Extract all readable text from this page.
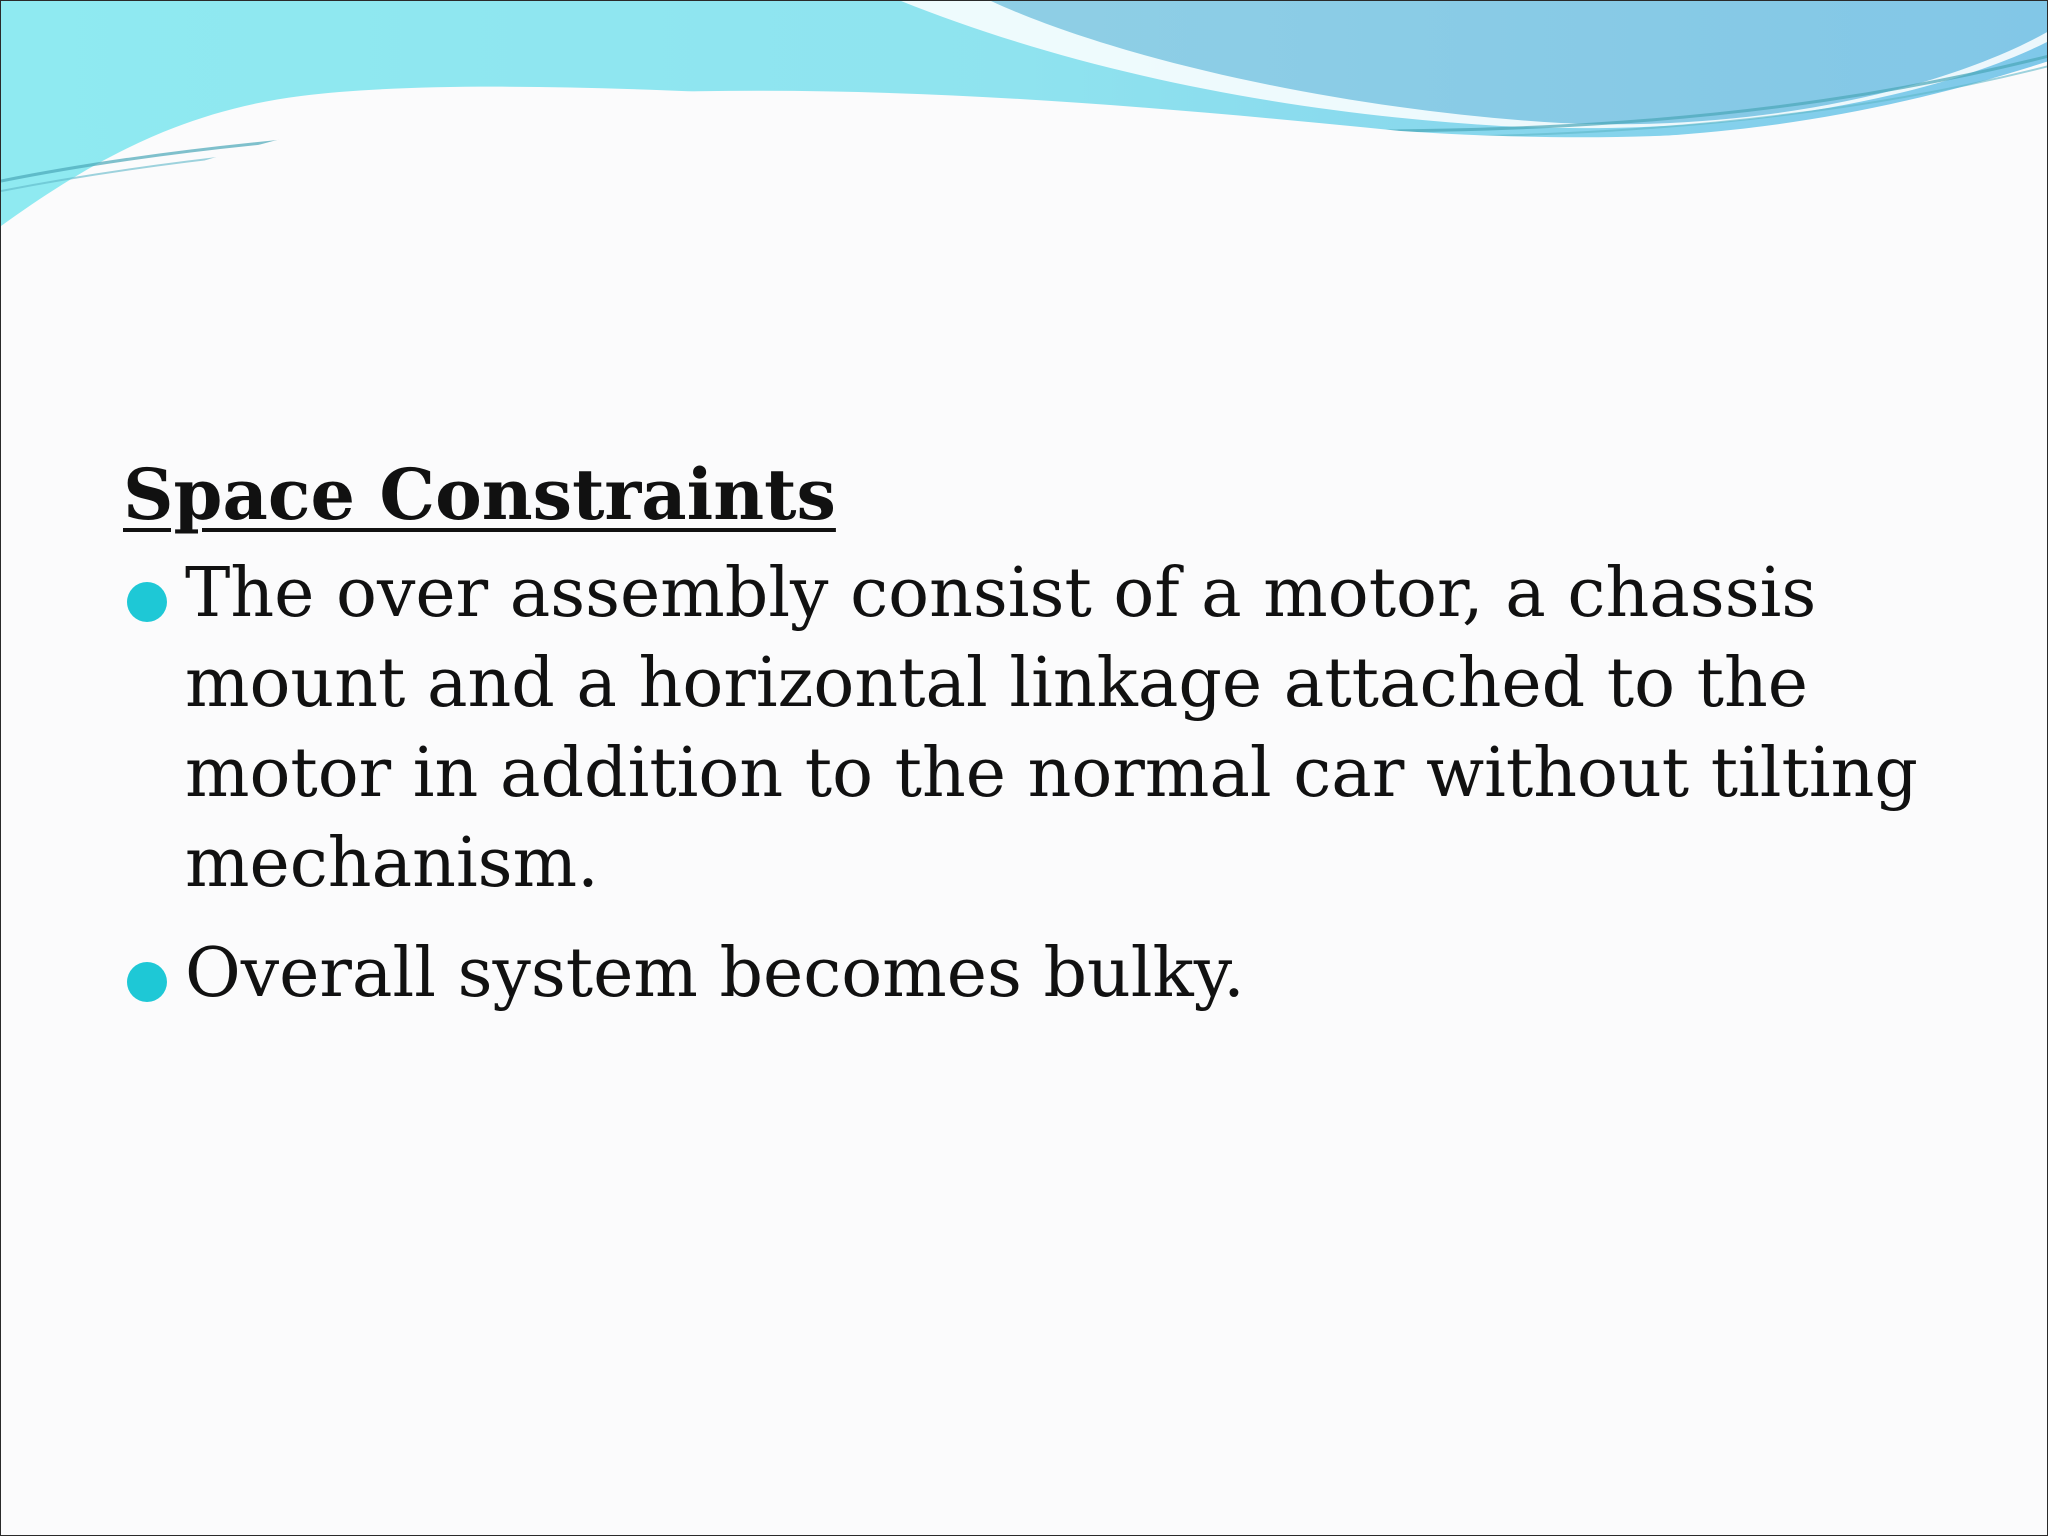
Space Constraints
The over assembly consist of a motor, a chassis mount and a horizontal linkage attached to the motor in addition to the normal car without tilting mechanism.
Overall system becomes bulky.
